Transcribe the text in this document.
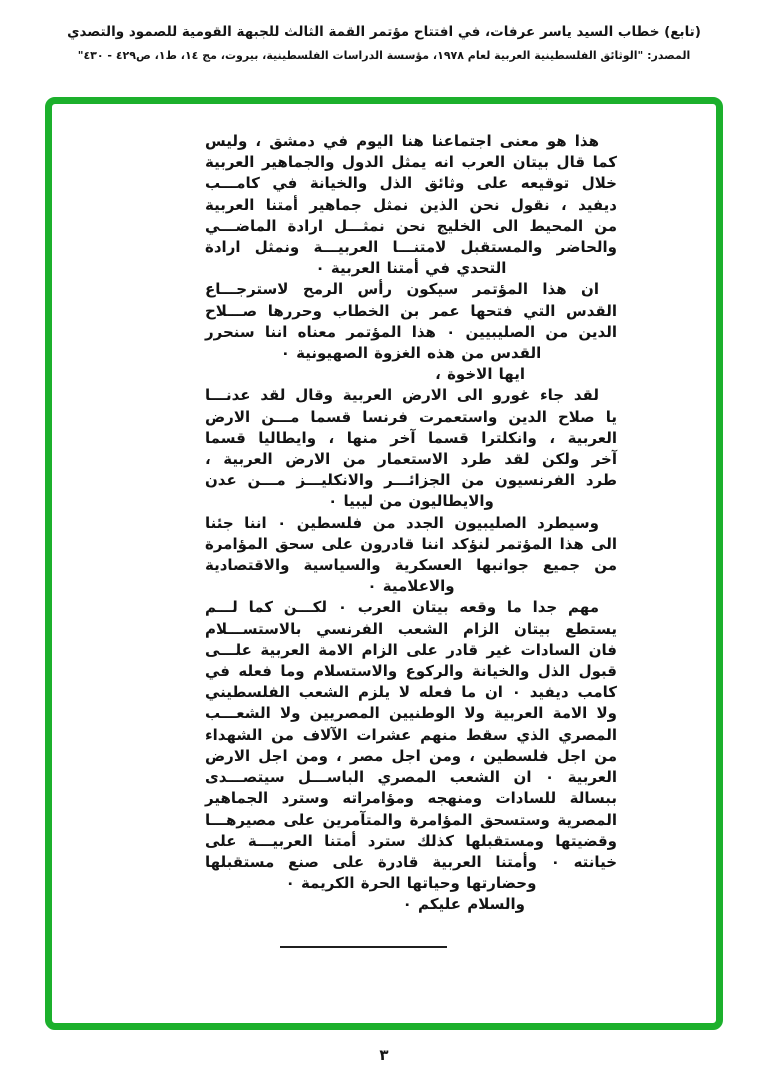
(تابع) خطاب السيد ياسر عرفات، في افتتاح مؤتمر القمة الثالث للجبهة القومية للصمود والتصدي
المصدر: "الوثائق الفلسطينية العربية لعام ١٩٧٨، مؤسسة الدراسات الفلسطينية، بيروت، مج ١٤، ط١، ص٤٢٩ - ٤٣٠"
هذا هو معنى اجتماعنا هنا اليوم في دمشق ، وليس
كما قال بيتان العرب انه يمثل الدول والجماهير العربية
خلال توقيعه على وثائق الذل والخيانة في كامـــب
ديفيد ، نقول نحن الذين نمثل جماهير أمتنا العربية
من المحيط الى الخليج نحن نمثـــل ارادة الماضـــي
والحاضر والمستقبل لامتنـــا العربيـــة ونمثل ارادة
التحدي في أمتنا العربية ٠
ان هذا المؤتمر سيكون رأس الرمح لاسترجـــاع
القدس التي فتحها عمر بن الخطاب وحررها صـــلاح
الدين من الصليبيين ٠ هذا المؤتمر معناه اننا سنحرر
القدس من هذه الغزوة الصهيونية ٠
ايها الاخوة ،
لقد جاء غورو الى الارض العربية وقال لقد عدنـــا
يا صلاح الدين واستعمرت فرنسا قسما مـــن الارض
العربية ، وانكلترا قسما آخر منها ، وايطاليا قسما
آخر ولكن لقد طرد الاستعمار من الارض العربية ،
طرد الفرنسيون من الجزائـــر والانكليـــز مـــن عدن
والايطاليون من ليبيا ٠
وسيطرد الصليبيون الجدد من فلسطين ٠ اننا جئنا
الى هذا المؤتمر لنؤكد اننا قادرون على سحق المؤامرة
من جميع جوانبها العسكرية والسياسية والاقتصادية
والاعلامية ٠
مهم جدا ما وقعه بيتان العرب ٠ لكـــن كما لـــم
يستطع بيتان الزام الشعب الفرنسي بالاستســـلام
فان السادات غير قادر على الزام الامة العربية علـــى
قبول الذل والخيانة والركوع والاستسلام وما فعله في
كامب ديفيد ٠ ان ما فعله لا يلزم الشعب الفلسطيني
ولا الامة العربية ولا الوطنيين المصريين ولا الشعـــب
المصري الذي سقط منهم عشرات الآلاف من الشهداء
من اجل فلسطين ، ومن اجل مصر ، ومن اجل الارض
العربية ٠ ان الشعب المصري الباســـل سيتصـــدى
ببسالة للسادات ومنهجه ومؤامراته وسترد الجماهير
المصرية وستسحق المؤامرة والمتآمرين على مصيرهـــا
وقضيتها ومستقبلها كذلك سترد أمتنا العربيـــة على
خيانته ٠ وأمتنا العربية قادرة على صنع مستقبلها
وحضارتها وحياتها الحرة الكريمة ٠
والسلام عليكم ٠
٣
